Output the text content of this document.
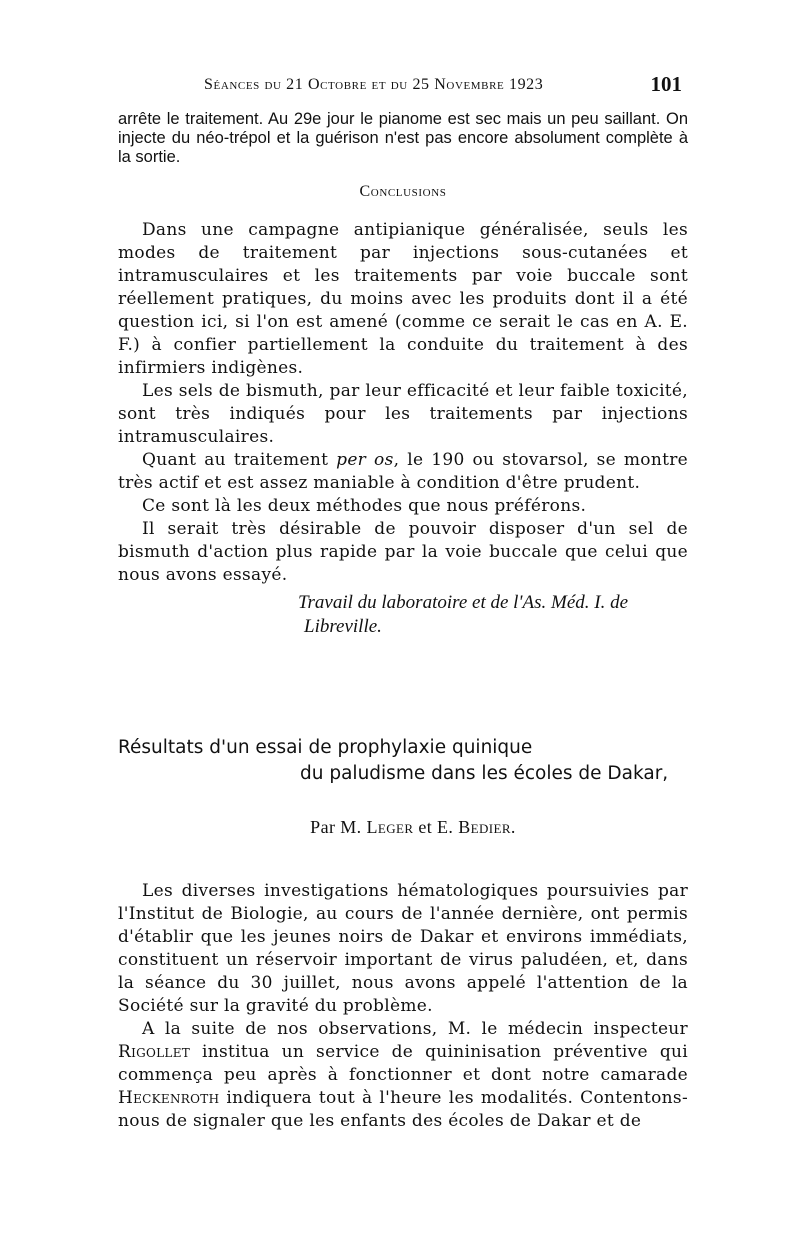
Séances du 21 Octobre et du 25 Novembre 1923	101

arrête le traitement. Au 29e jour le pianome est sec mais un peu saillant. On injecte du néo-trépol et la guérison n'est pas encore absolument complète à la sortie.

Conclusions

Dans une campagne antipianique généralisée, seuls les modes de traitement par injections sous-cutanées et intramusculaires et les traitements par voie buccale sont réellement pratiques, du moins avec les produits dont il a été question ici, si l'on est amené (comme ce serait le cas en A. E. F.) à confier partiellement la conduite du traitement à des infirmiers indigènes.

Les sels de bismuth, par leur efficacité et leur faible toxicité, sont très indiqués pour les traitements par injections intramusculaires.

Quant au traitement per os, le 190 ou stovarsol, se montre très actif et est assez maniable à condition d'être prudent.

Ce sont là les deux méthodes que nous préférons.

Il serait très désirable de pouvoir disposer d'un sel de bismuth d'action plus rapide par la voie buccale que celui que nous avons essayé.

Travail du laboratoire et de l'As. Méd. I. de
Libreville.
Résultats d'un essai de prophylaxie quinique
du paludisme dans les écoles de Dakar,
Par M. Leger et E. Bedier.

Les diverses investigations hématologiques poursuivies par l'Institut de Biologie, au cours de l'année dernière, ont permis d'établir que les jeunes noirs de Dakar et environs immédiats, constituent un réservoir important de virus paludéen, et, dans la séance du 30 juillet, nous avons appelé l'attention de la Société sur la gravité du problème.

A la suite de nos observations, M. le médecin inspecteur Rigollet institua un service de quininisation préventive qui commença peu après à fonctionner et dont notre camarade Heckenroth indiquera tout à l'heure les modalités. Contentons-nous de signaler que les enfants des écoles de Dakar et de
